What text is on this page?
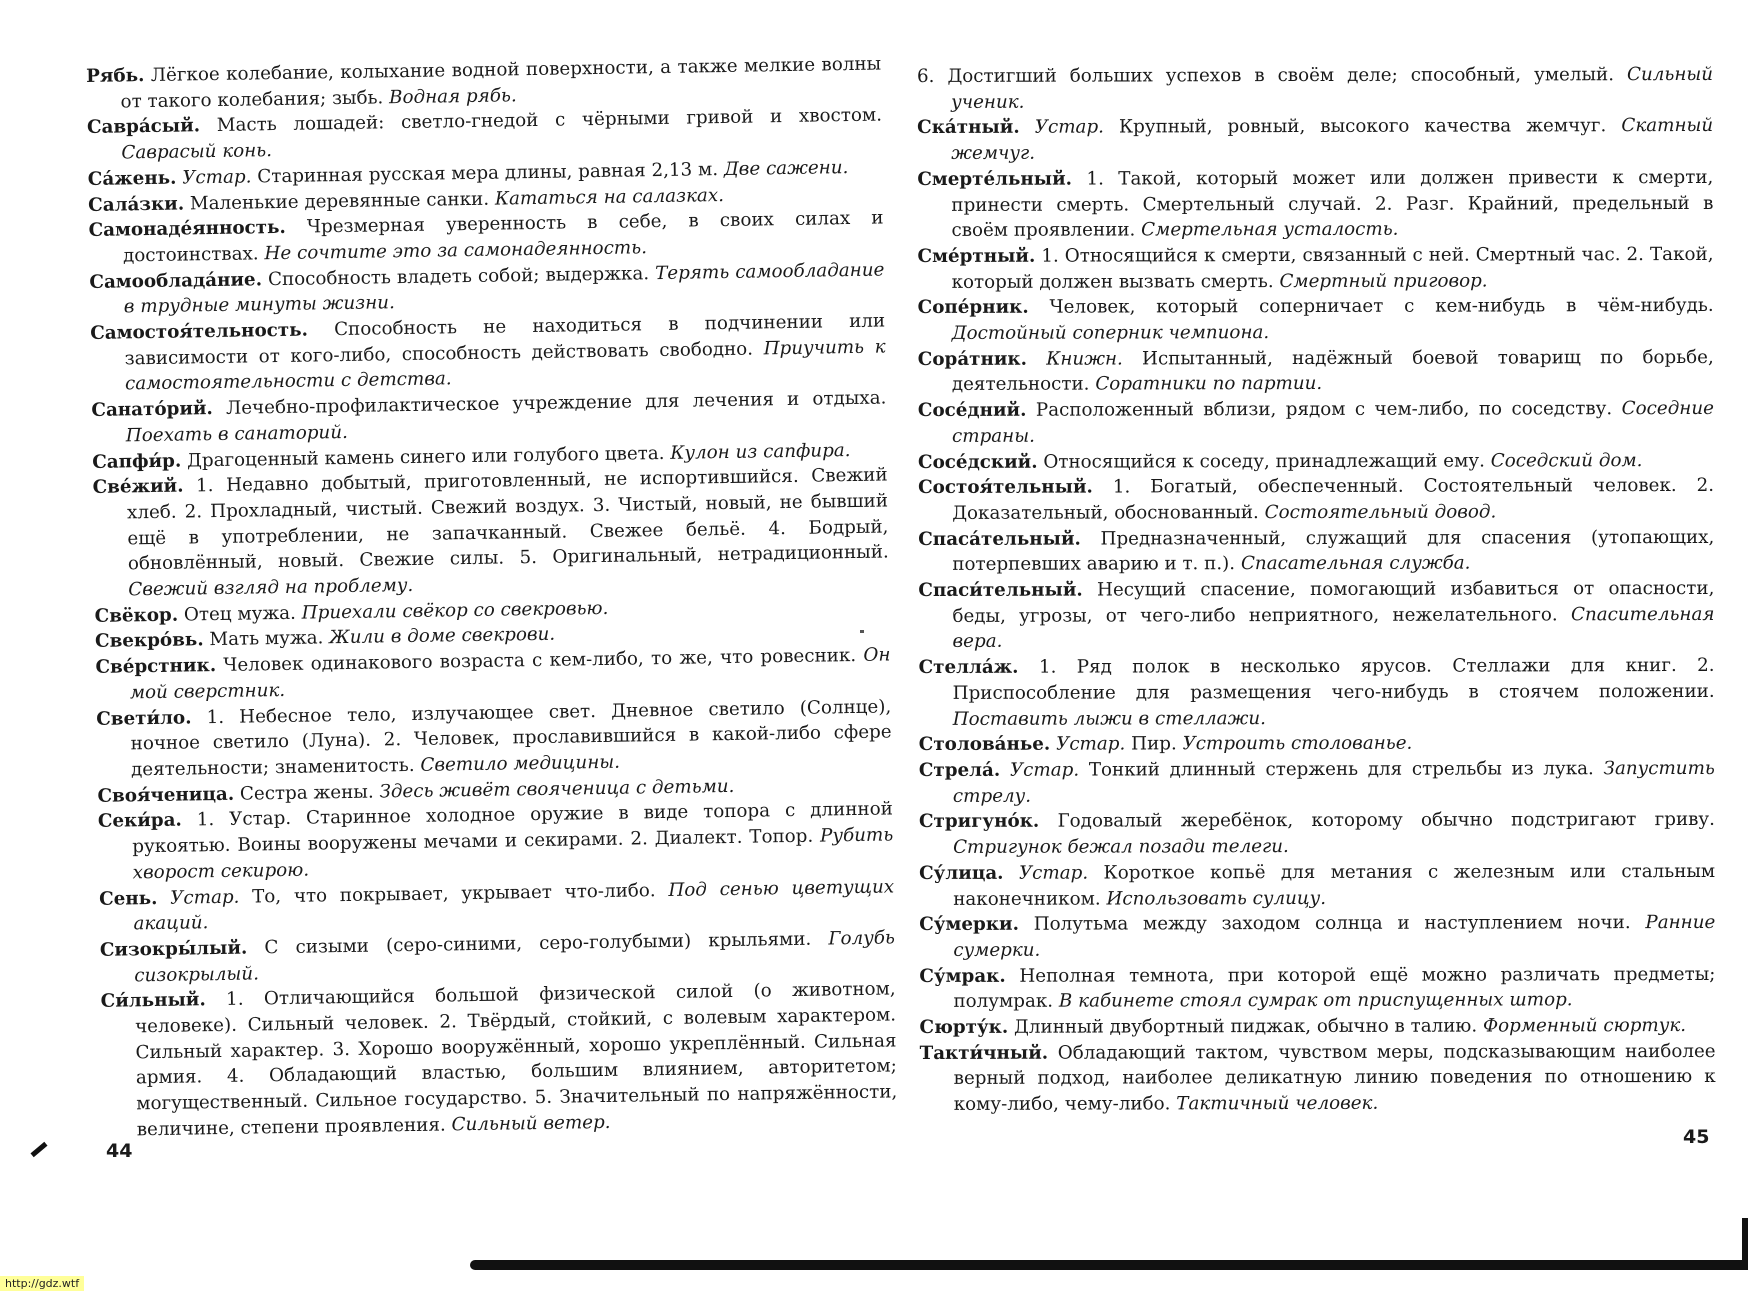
Рябь. Лёгкое колебание, колыхание водной поверхности, а также мелкие волны от такого колебания; зыбь. Водная рябь.
Савра́сый. Масть лошадей: светло-гнедой с чёрными гривой и хвостом. Саврасый конь.
Са́жень. Устар. Старинная русская мера длины, равная 2,13 м. Две сажени.
Сала́зки. Маленькие деревянные санки. Кататься на салазках.
Самонаде́янность. Чрезмерная уверенность в себе, в своих силах и достоинствах. Не сочтите это за самонадеянность.
Самооблада́ние. Способность владеть собой; выдержка. Терять самообладание в трудные минуты жизни.
Самостоя́тельность. Способность не находиться в подчинении или зависимости от кого-либо, способность действовать свободно. Приучить к самостоятельности с детства.
Санато́рий. Лечебно-профилактическое учреждение для лечения и отдыха. Поехать в санаторий.
Сапфи́р. Драгоценный камень синего или голубого цвета. Кулон из сапфира.
Све́жий. 1. Недавно добытый, приготовленный, не испортившийся. Свежий хлеб. 2. Прохладный, чистый. Свежий воздух. 3. Чистый, новый, не бывший ещё в употреблении, не запачканный. Свежее бельё. 4. Бодрый, обновлённый, новый. Свежие силы. 5. Оригинальный, нетрадиционный. Свежий взгляд на проблему.
Свёкор. Отец мужа. Приехали свёкор со свекровью.
Свекро́вь. Мать мужа. Жили в доме свекрови.
Све́рстник. Человек одинакового возраста с кем-либо, то же, что ровесник. Он мой сверстник.
Свети́ло. 1. Небесное тело, излучающее свет. Дневное светило (Солнце), ночное светило (Луна). 2. Человек, прославившийся в какой-либо сфере деятельности; знаменитость. Светило медицины.
Своя́ченица. Сестра жены. Здесь живёт свояченица с детьми.
Секи́ра. 1. Устар. Старинное холодное оружие в виде топора с длинной рукоятью. Воины вооружены мечами и секирами. 2. Диалект. Топор. Рубить хворост секирою.
Сень. Устар. То, что покрывает, укрывает что-либо. Под сенью цветущих акаций.
Сизокры́лый. С сизыми (серо-синими, серо-голубыми) крыльями. Голубь сизокрылый.
Си́льный. 1. Отличающийся большой физической силой (о животном, человеке). Сильный человек. 2. Твёрдый, стойкий, с волевым характером. Сильный характер. 3. Хорошо вооружённый, хорошо укреплённый. Сильная армия. 4. Обладающий властью, большим влиянием, авторитетом; могущественный. Сильное государство. 5. Значительный по напряжённости, величине, степени проявления. Сильный ветер.
44
6. Достигший больших успехов в своём деле; способный, умелый. Сильный ученик.
Ска́тный. Устар. Крупный, ровный, высокого качества жемчуг. Скатный жемчуг.
Смерте́льный. 1. Такой, который может или должен привести к смерти, принести смерть. Смертельный случай. 2. Разг. Крайний, предельный в своём проявлении. Смертельная усталость.
Сме́ртный. 1. Относящийся к смерти, связанный с ней. Смертный час. 2. Такой, который должен вызвать смерть. Смертный приговор.
Сопе́рник. Человек, который соперничает с кем-нибудь в чём-нибудь. Достойный соперник чемпиона.
Сора́тник. Книжн. Испытанный, надёжный боевой товарищ по борьбе, деятельности. Соратники по партии.
Сосе́дний. Расположенный вблизи, рядом с чем-либо, по соседству. Соседние страны.
Сосе́дский. Относящийся к соседу, принадлежащий ему. Соседский дом.
Состоя́тельный. 1. Богатый, обеспеченный. Состоятельный человек. 2. Доказательный, обоснованный. Состоятельный довод.
Спаса́тельный. Предназначенный, служащий для спасения (утопающих, потерпевших аварию и т. п.). Спасательная служба.
Спаси́тельный. Несущий спасение, помогающий избавиться от опасности, беды, угрозы, от чего-либо неприятного, нежелательного. Спасительная вера.
Стелла́ж. 1. Ряд полок в несколько ярусов. Стеллажи для книг. 2. Приспособление для размещения чего-нибудь в стоячем положении. Поставить лыжи в стеллажи.
Столова́нье. Устар. Пир. Устроить столованье.
Стрела́. Устар. Тонкий длинный стержень для стрельбы из лука. Запустить стрелу.
Стригуно́к. Годовалый жеребёнок, которому обычно подстригают гриву. Стригунок бежал позади телеги.
Су́лица. Устар. Короткое копьё для метания с железным или стальным наконечником. Использовать сулицу.
Су́мерки. Полутьма между заходом солнца и наступлением ночи. Ранние сумерки.
Су́мрак. Неполная темнота, при которой ещё можно различать предметы; полумрак. В кабинете стоял сумрак от приспущенных штор.
Сюрту́к. Длинный двубортный пиджак, обычно в талию. Форменный сюртук.
Такти́чный. Обладающий тактом, чувством меры, подсказывающим наиболее верный подход, наиболее деликатную линию поведения по отношению к кому-либо, чему-либо. Тактичный человек.
45
http://gdz.wtf
